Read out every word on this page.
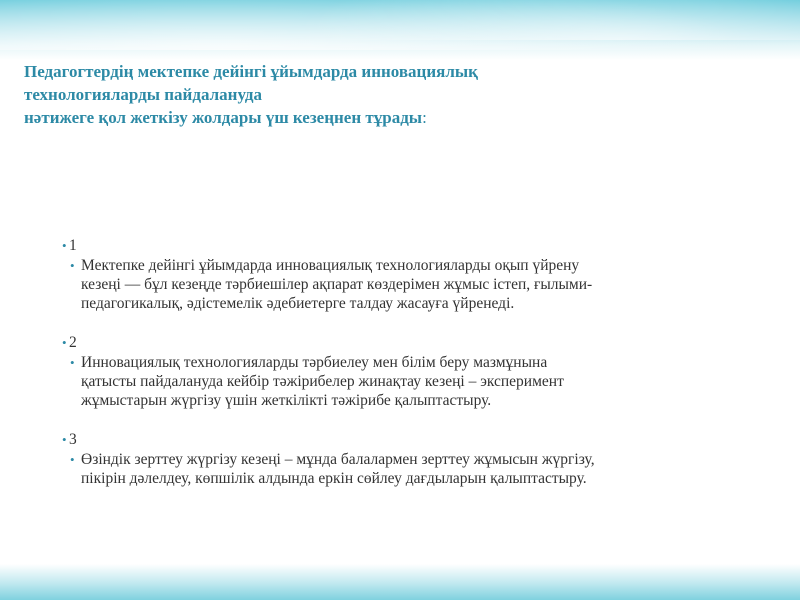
Педагогтердің мектепке дейінгі ұйымдарда инновациялық
технологияларды пайдаланудa
нәтижеге қол жеткізу жолдары үш кезеңнен тұрады:
• 1
• Мектепке дейінгі ұйымдарда инновациялық технологияларды оқып үйрену
кезеңі — бұл кезеңде тәрбиешілер ақпарат көздерімен жұмыс істеп, ғылыми-
педагогикалық, әдістемелік әдебиетерге талдау жасауға үйренеді.
• 2
• Инновациялық технологияларды тәрбиелеу мен білім беру мазмұнына
қатысты пайдалануда кейбір тәжірибелер жинақтау кезеңі – эксперимент
жұмыстарын жүргізу үшін жеткілікті тәжірибе қалыптастыру.
• 3
• Өзіндік зерттеу жүргізу кезеңі – мұнда балалармен зерттеу жұмысын жүргізу,
пікірін дәлелдеу, көпшілік алдында еркін сөйлеу дағдыларын қалыптастыру.
